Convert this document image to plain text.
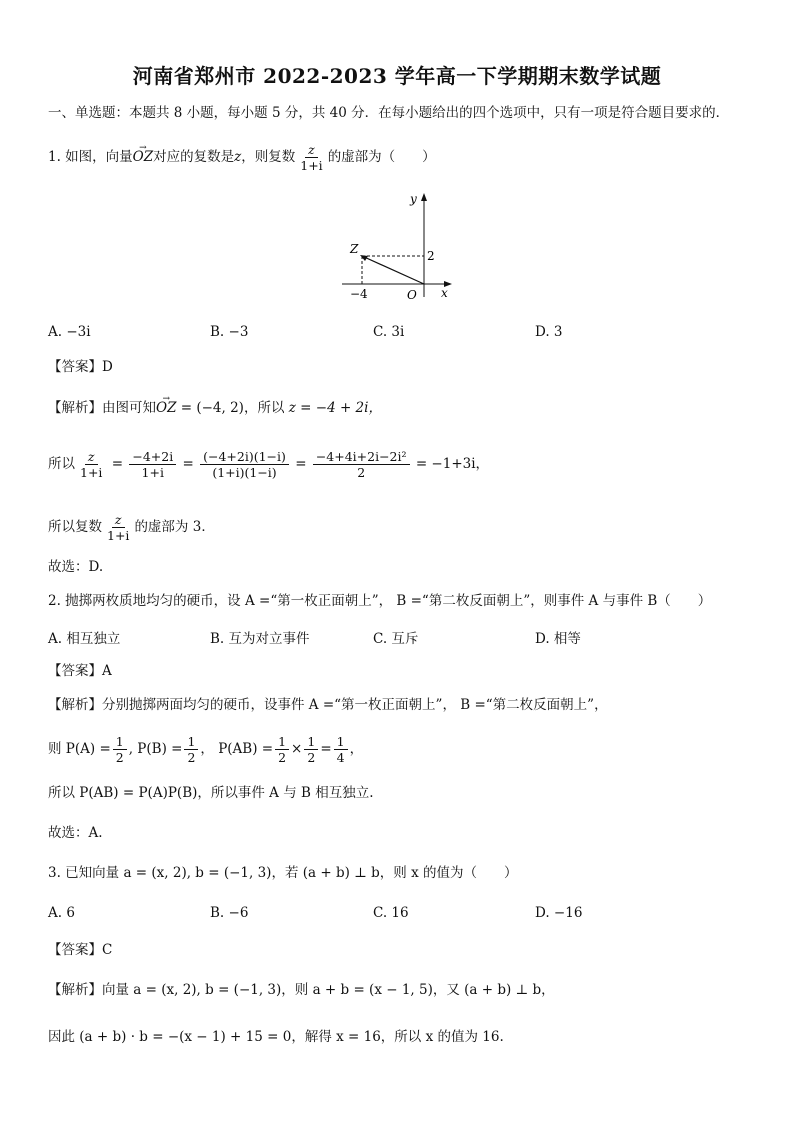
河南省郑州市 2022-2023 学年高一下学期期末数学试题
一、单选题：本题共 8 小题，每小题 5 分，共 40 分．在每小题给出的四个选项中，只有一项是符合题目要求的．
1. 如图，向量→ OZ对应的复数是z，则复数 $\frac{z}{1+i}$ 的虚部为（　　）
y
x
Z	2
−4	O
A. −3i	B. −3	C. 3i	D. 3
【答案】D
【解析】由图可知→ OZ = (−4, 2)，所以 z = −4 + 2i，
所以 $\frac{z}{1+i} = \frac{-4+2i}{1+i} = \frac{(-4+2i)(1-i)}{(1+i)(1-i)} = \frac{\text{−4+4i+2i−2i²}}{2} = -1+3i$，
所以复数 $\frac{z}{1+i}$ 的虚部为 3．
故选：D.
2. 抛掷两枚质地均匀的硬币，设 A =“第一枚正面朝上”， B =“第二枚反面朝上”，则事件 A 与事件 B（　　）
A. 相互独立	B. 互为对立事件	C. 互斥	D. 相等
【答案】A
【解析】分别抛掷两面均匀的硬币，设事件 A =“第一枚正面朝上”， B =“第二枚反面朝上”，
则 $P(A) = \frac{1}{2}$ , $P(B) = \frac{1}{2}$ ， $P(AB) = \frac{1}{2} \times \frac{1}{2} = \frac{1}{4}$ ，
所以 P(AB) = P(A)P(B)，所以事件 A 与 B 相互独立.
故选：A.
3. 已知向量 a = (x, 2), b = (−1, 3)，若 (a + b) ⊥ b，则 x 的值为（　　）
A. 6	B. −6	C. 16	D. −16
【答案】C
【解析】向量 a = (x, 2), b = (−1, 3)，则 a + b = (x − 1, 5)，又 (a + b) ⊥ b，
因此 (a + b) · b = −(x − 1) + 15 = 0，解得 x = 16，所以 x 的值为 16.
